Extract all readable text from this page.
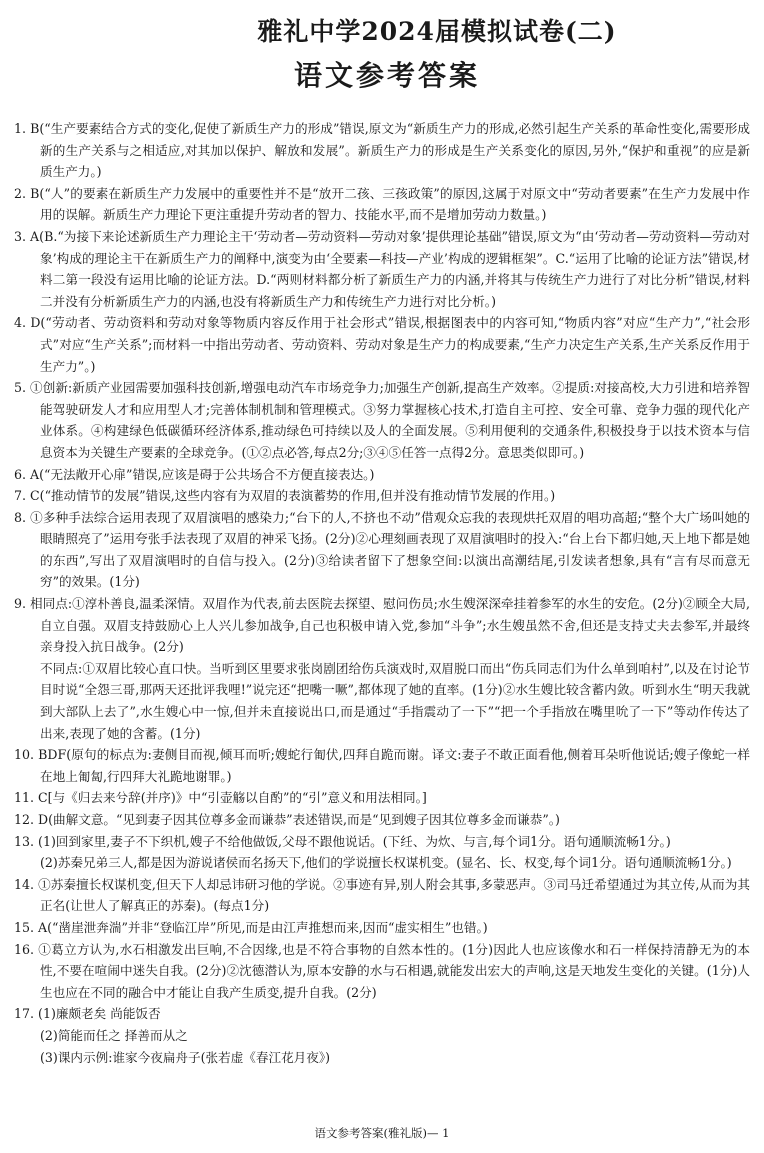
雅礼中学2024届模拟试卷(二)
语文参考答案

1. B(“生产要素结合方式的变化,促使了新质生产力的形成”错误,原文为“新质生产力的形成,必然引起生产关系的革命性变化,需要形成新的生产关系与之相适应,对其加以保护、解放和发展”。新质生产力的形成是生产关系变化的原因,另外,“保护和重视”的应是新质生产力。)

2. B(“人”的要素在新质生产力发展中的重要性并不是“放开二孩、三孩政策”的原因,这属于对原文中“劳动者要素”在生产力发展中作用的误解。新质生产力理论下更注重提升劳动者的智力、技能水平,而不是增加劳动力数量。)

3. A(B.“为接下来论述新质生产力理论主干‘劳动者—劳动资料—劳动对象’提供理论基础”错误,原文为“由‘劳动者—劳动资料—劳动对象’构成的理论主干在新质生产力的阐释中,演变为由‘全要素—科技—产业’构成的逻辑框架”。C.“运用了比喻的论证方法”错误,材料二第一段没有运用比喻的论证方法。D.“两则材料都分析了新质生产力的内涵,并将其与传统生产力进行了对比分析”错误,材料二并没有分析新质生产力的内涵,也没有将新质生产力和传统生产力进行对比分析。)

4. D(“劳动者、劳动资料和劳动对象等物质内容反作用于社会形式”错误,根据图表中的内容可知,“物质内容”对应“生产力”,“社会形式”对应“生产关系”;而材料一中指出劳动者、劳动资料、劳动对象是生产力的构成要素,“生产力决定生产关系,生产关系反作用于生产力”。)

5. ①创新:新质产业园需要加强科技创新,增强电动汽车市场竞争力;加强生产创新,提高生产效率。②提质:对接高校,大力引进和培养智能驾驶研发人才和应用型人才;完善体制机制和管理模式。③努力掌握核心技术,打造自主可控、安全可靠、竞争力强的现代化产业体系。④构建绿色低碳循环经济体系,推动绿色可持续以及人的全面发展。⑤利用便利的交通条件,积极投身于以技术资本与信息资本为关键生产要素的全球竞争。(①②点必答,每点2分;③④⑤任答一点得2分。意思类似即可。)

6. A(“无法敞开心扉”错误,应该是碍于公共场合不方便直接表达。)

7. C(“推动情节的发展”错误,这些内容有为双眉的表演蓄势的作用,但并没有推动情节发展的作用。)

8. ①多种手法综合运用表现了双眉演唱的感染力;“台下的人,不挤也不动”借观众忘我的表现烘托双眉的唱功高超;“整个大广场叫她的眼睛照亮了”运用夸张手法表现了双眉的神采飞扬。(2分)②心理刻画表现了双眉演唱时的投入:“台上台下都归她,天上地下都是她的东西”,写出了双眉演唱时的自信与投入。(2分)③给读者留下了想象空间:以演出高潮结尾,引发读者想象,具有“言有尽而意无穷”的效果。(1分)

9. 相同点:①淳朴善良,温柔深情。双眉作为代表,前去医院去探望、慰问伤员;水生嫂深深牵挂着参军的水生的安危。(2分)②顾全大局,自立自强。双眉支持鼓励心上人兴儿参加战争,自己也积极申请入党,参加“斗争”;水生嫂虽然不舍,但还是支持丈夫去参军,并最终亲身投入抗日战争。(2分)

不同点:①双眉比较心直口快。当听到区里要求张岗剧团给伤兵演戏时,双眉脱口而出“伤兵同志们为什么单到咱村”,以及在讨论节目时说“全怨三哥,那两天还批评我哩!”说完还“把嘴一噘”,都体现了她的直率。(1分)②水生嫂比较含蓄内敛。听到水生“明天我就到大部队上去了”,水生嫂心中一惊,但并未直接说出口,而是通过“手指震动了一下”“把一个手指放在嘴里吮了一下”等动作传达了出来,表现了她的含蓄。(1分)

10. BDF(原句的标点为:妻侧目而视,倾耳而听;嫂蛇行匍伏,四拜自跪而谢。译文:妻子不敢正面看他,侧着耳朵听他说话;嫂子像蛇一样在地上匍匐,行四拜大礼跪地谢罪。)

11. C[与《归去来兮辞(并序)》中“引壶觞以自酌”的“引”意义和用法相同。]

12. D(曲解文意。“见到妻子因其位尊多金而谦恭”表述错误,而是“见到嫂子因其位尊多金而谦恭”。)

13. (1)回到家里,妻子不下织机,嫂子不给他做饭,父母不跟他说话。(下纴、为炊、与言,每个词1分。语句通顺流畅1分。)

(2)苏秦兄弟三人,都是因为游说诸侯而名扬天下,他们的学说擅长权谋机变。(显名、长、权变,每个词1分。语句通顺流畅1分。)

14. ①苏秦擅长权谋机变,但天下人却忌讳研习他的学说。②事迹有异,别人附会其事,多蒙恶声。③司马迁希望通过为其立传,从而为其正名(让世人了解真正的苏秦)。(每点1分)

15. A(“凿崖泄奔湍”并非“登临江岸”所见,而是由江声推想而来,因而“虚实相生”也错。)

16. ①葛立方认为,水石相激发出巨响,不合因缘,也是不符合事物的自然本性的。(1分)因此人也应该像水和石一样保持清静无为的本性,不要在喧闹中迷失自我。(2分)②沈德潜认为,原本安静的水与石相遇,就能发出宏大的声响,这是天地发生变化的关键。(1分)人生也应在不同的融合中才能让自我产生质变,提升自我。(2分)

17. (1)廉颇老矣 尚能饭否

(2)简能而任之 择善而从之

(3)课内示例:谁家今夜扁舟子(张若虚《春江花月夜》)

语文参考答案(雅礼版)— 1
